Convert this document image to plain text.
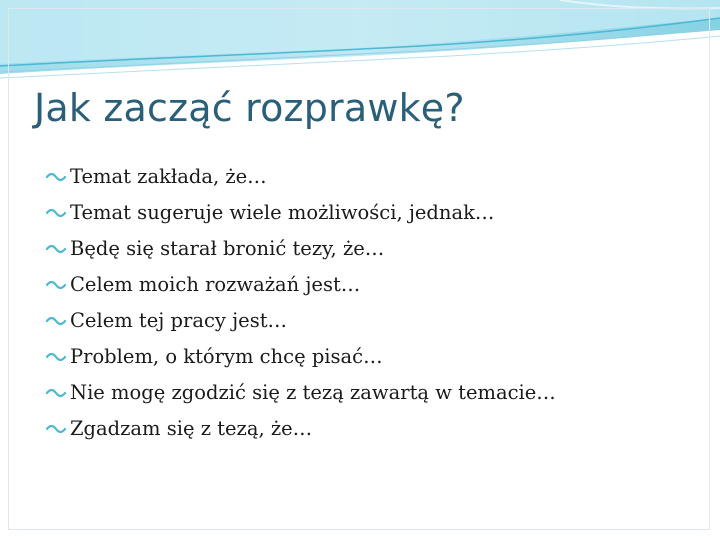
Jak zacząć rozprawkę?
Temat zakłada, że…
Temat sugeruje wiele możliwości, jednak…
Będę się starał bronić tezy, że…
Celem moich rozważań jest…
Celem tej pracy jest…
Problem, o którym chcę pisać…
Nie mogę zgodzić się z tezą zawartą w temacie…
Zgadzam się z tezą, że…
